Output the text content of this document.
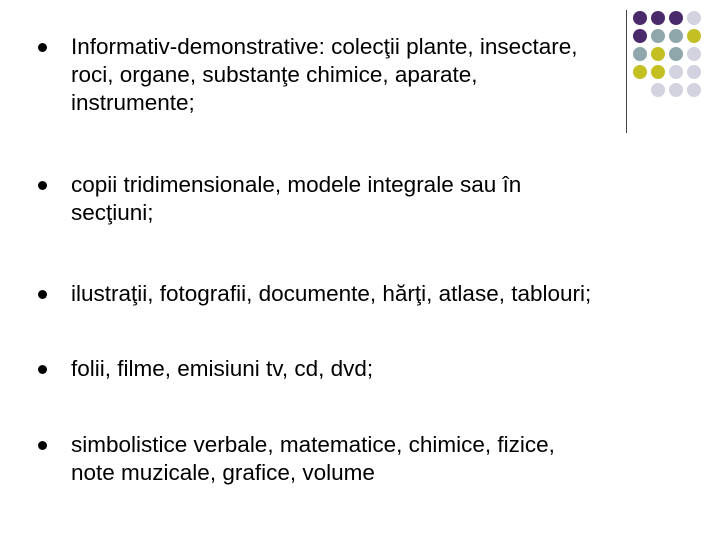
Informativ-demonstrative: colecţii plante, insectare,
roci, organe, substanţe chimice, aparate,
instrumente;
copii tridimensionale, modele integrale sau în
secţiuni;
ilustraţii, fotografii, documente, hărţi, atlase, tablouri;
folii, filme, emisiuni tv, cd, dvd;
simbolistice verbale, matematice, chimice, fizice,
note muzicale, grafice, volume
